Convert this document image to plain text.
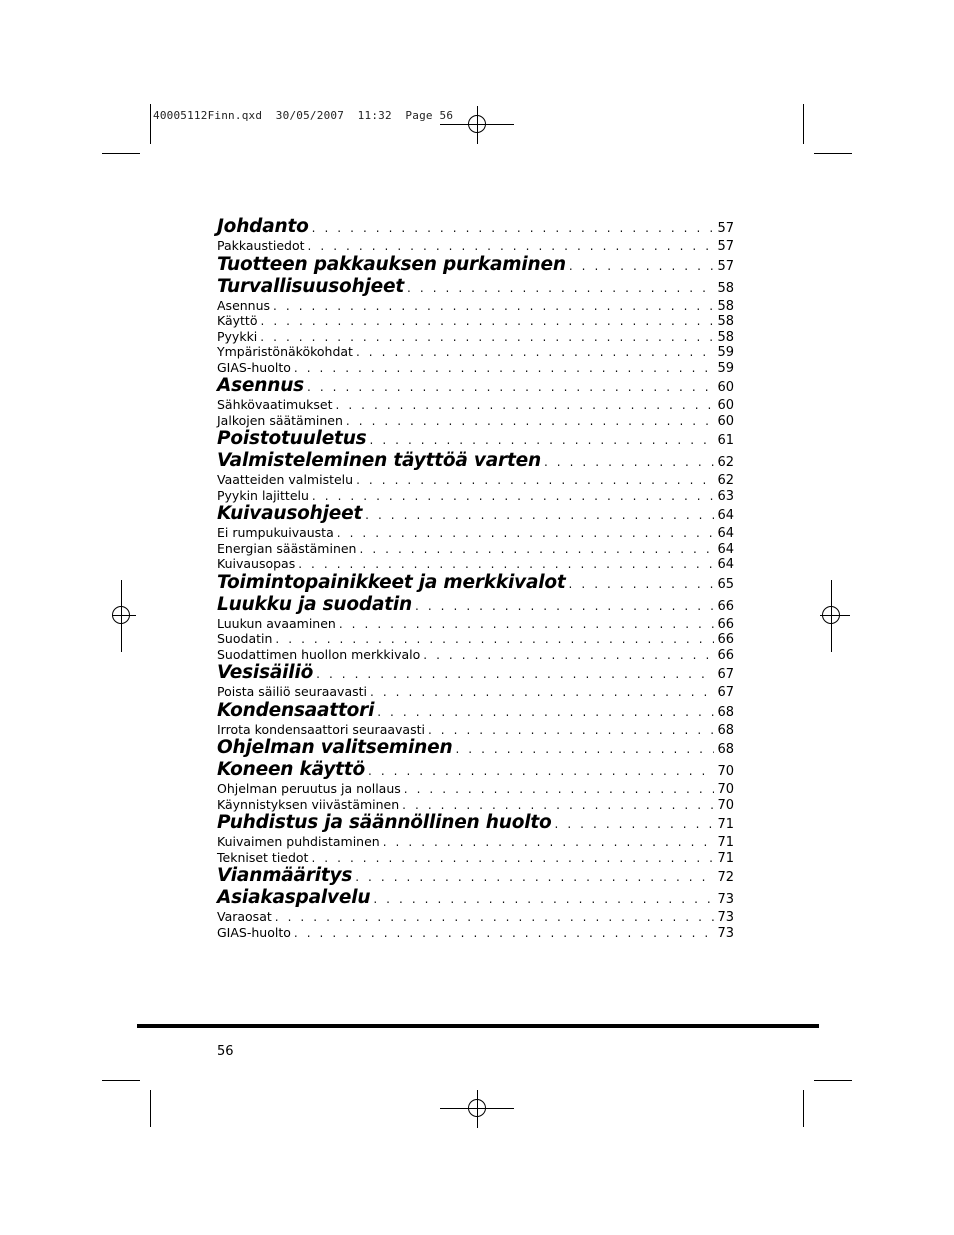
40005112Finn.qxd  30/05/2007  11:32  Page 56
Johdanto . . .	57
Pakkaustiedot . . .	57
Tuotteen pakkauksen purkaminen . . .	57
Turvallisuusohjeet . . .	58
Asennus . . .	58
Käyttö . . .	58
Pyykki . . .	58
Ympäristönäkökohdat . . .	59
GIAS-huolto . . .	59
Asennus . . .	60
Sähkövaatimukset . . .	60
Jalkojen säätäminen . . .	60
Poistotuuletus . . .	61
Valmisteleminen täyttöä varten . . .	62
Vaatteiden valmistelu . . .	62
Pyykin lajittelu . . .	63
Kuivausohjeet . . .	64
Ei rumpukuivausta . . .	64
Energian säästäminen . . .	64
Kuivausopas . . .	64
Toimintopainikkeet ja merkkivalot . . .	65
Luukku ja suodatin . . .	66
Luukun avaaminen . . .	66
Suodatin . . .	66
Suodattimen huollon merkkivalo . . .	66
Vesisäiliö . . .	67
Poista säiliö seuraavasti . . .	67
Kondensaattori . . .	68
Irrota kondensaattori seuraavasti . . .	68
Ohjelman valitseminen . . .	68
Koneen käyttö . . .	70
Ohjelman peruutus ja nollaus . . .	70
Käynnistyksen viivästäminen . . .	70
Puhdistus ja säännöllinen huolto . . .	71
Kuivaimen puhdistaminen . . .	71
Tekniset tiedot . . .	71
Vianmääritys . . .	72
Asiakaspalvelu . . .	73
Varaosat . . .	73
GIAS-huolto . . .	73
56
